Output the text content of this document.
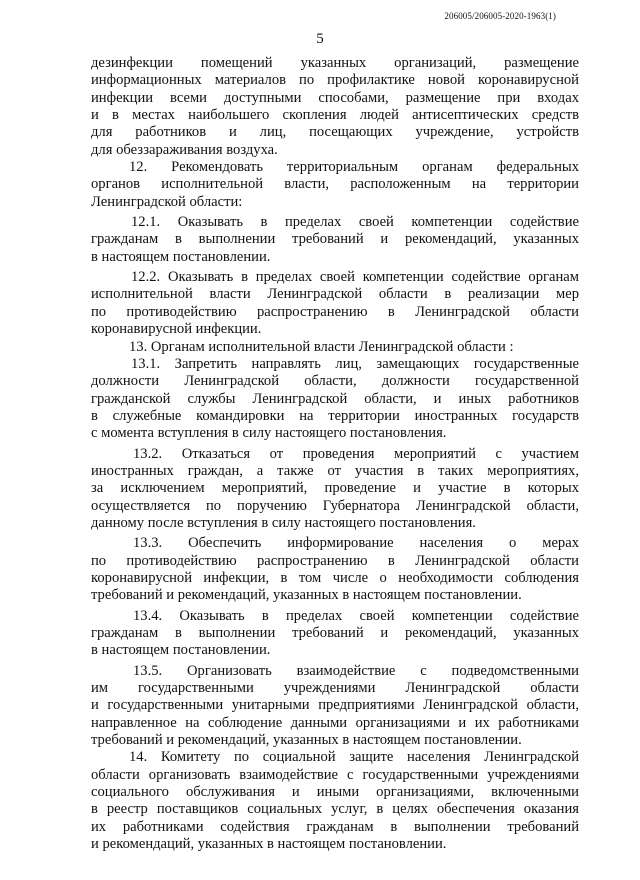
206005/206005-2020-1963(1)
5

дезинфекции помещений указанных организаций, размещение

информационных материалов по профилактике новой коронавирусной

инфекции всеми доступными способами, размещение при входах

и в местах наибольшего скопления людей антисептических средств

для работников и лиц, посещающих учреждение, устройств

для обеззараживания воздуха.

12. Рекомендовать территориальным органам федеральных

органов исполнительной власти, расположенным на территории

Ленинградской области:

12.1. Оказывать в пределах своей компетенции содействие

гражданам в выполнении требований и рекомендаций, указанных

в настоящем постановлении.

12.2. Оказывать в пределах своей компетенции содействие органам

исполнительной власти Ленинградской области в реализации мер

по противодействию распространению в Ленинградской области

коронавирусной инфекции.

13. Органам исполнительной власти Ленинградской области :

13.1. Запретить направлять лиц, замещающих государственные

должности Ленинградской области, должности государственной

гражданской службы Ленинградской области, и иных работников

в служебные командировки на территории иностранных государств

с момента вступления в силу настоящего постановления.

13.2. Отказаться от проведения мероприятий с участием

иностранных граждан, а также от участия в таких мероприятиях,

за исключением мероприятий, проведение и участие в которых

осуществляется по поручению Губернатора Ленинградской области,

данному после вступления в силу настоящего постановления.

13.3. Обеспечить информирование населения о мерах

по противодействию распространению в Ленинградской области

коронавирусной инфекции, в том числе о необходимости соблюдения

требований и рекомендаций, указанных в настоящем постановлении.

13.4. Оказывать в пределах своей компетенции содействие

гражданам в выполнении требований и рекомендаций, указанных

в настоящем постановлении.

13.5. Организовать взаимодействие с подведомственными

им государственными учреждениями Ленинградской области

и государственными унитарными предприятиями Ленинградской области,

направленное на соблюдение данными организациями и их работниками

требований и рекомендаций, указанных в настоящем постановлении.

14. Комитету по социальной защите населения Ленинградской

области организовать взаимодействие с государственными учреждениями

социального обслуживания и иными организациями, включенными

в реестр поставщиков социальных услуг, в целях обеспечения оказания

их работниками содействия гражданам в выполнении требований

и рекомендаций, указанных в настоящем постановлении.
